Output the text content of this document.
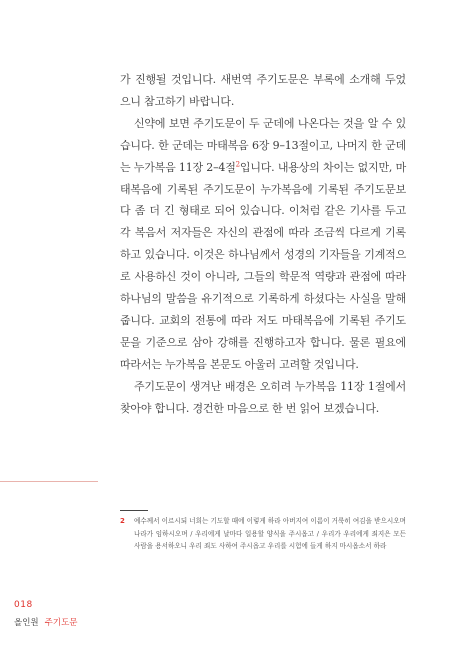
가 진행될 것입니다. 새번역 주기도문은 부록에 소개해 두었으니 참고하기 바랍니다.

신약에 보면 주기도문이 두 군데에 나온다는 것을 알 수 있습니다. 한 군데는 마태복음 6장 9–13절이고, 나머지 한 군데는 누가복음 11장 2–4절$^2$입니다. 내용상의 차이는 없지만, 마태복음에 기록된 주기도문이 누가복음에 기록된 주기도문보다 좀 더 긴 형태로 되어 있습니다. 이처럼 같은 기사를 두고 각 복음서 저자들은 자신의 관점에 따라 조금씩 다르게 기록하고 있습니다. 이것은 하나님께서 성경의 기자들을 기계적으로 사용하신 것이 아니라, 그들의 학문적 역량과 관점에 따라 하나님의 말씀을 유기적으로 기록하게 하셨다는 사실을 말해 줍니다. 교회의 전통에 따라 저도 마태복음에 기록된 주기도문을 기준으로 삼아 강해를 진행하고자 합니다. 물론 필요에 따라서는 누가복음 본문도 아울러 고려할 것입니다.

주기도문이 생겨난 배경은 오히려 누가복음 11장 1절에서 찾아야 합니다. 경건한 마음으로 한 번 읽어 보겠습니다.

2	예수께서 이르시되 너희는 기도할 때에 이렇게 하라 아버지여 이름이 거룩히 여김을 받으시오며 나라가 임하시오며 / 우리에게 날마다 일용할 양식을 주시옵고 / 우리가 우리에게 죄지은 모든 사람을 용서하오니 우리 죄도 사하여 주시옵고 우리를 시험에 들게 하지 마시옵소서 하라
018
올인원 주기도문
